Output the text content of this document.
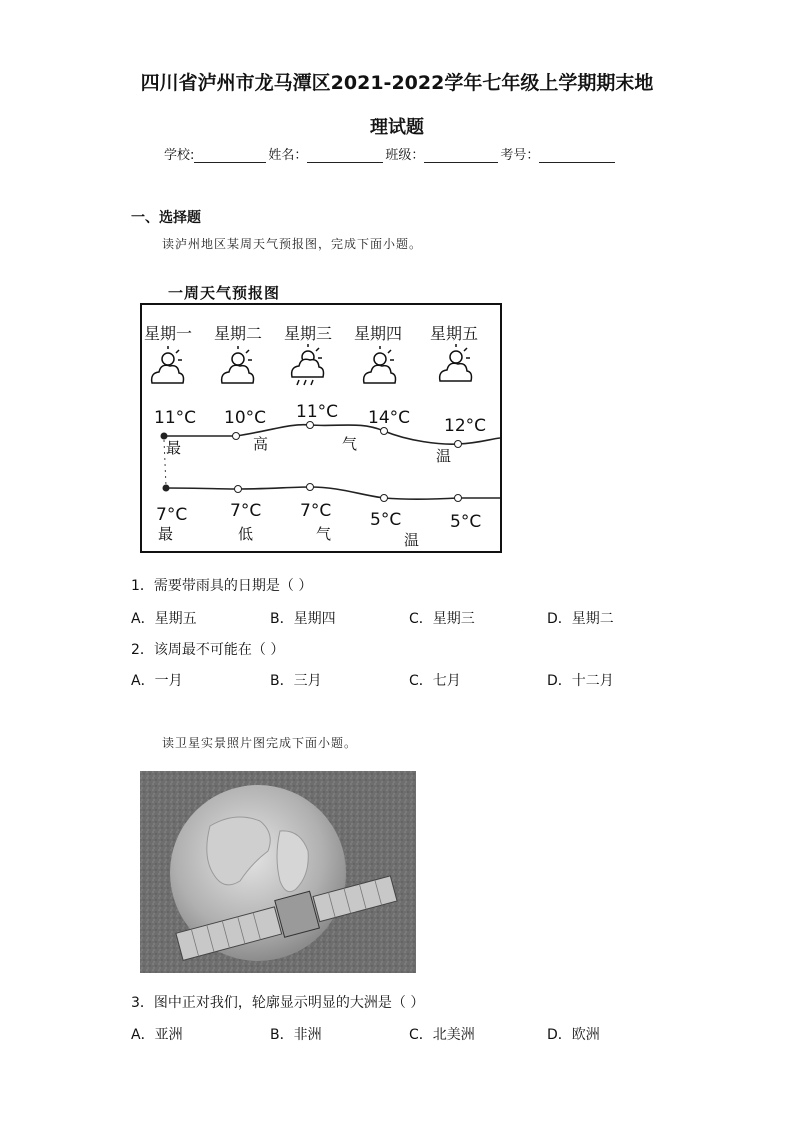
四川省泸州市龙马潭区2021-2022学年七年级上学期期末地
理试题
学校:	姓名：	班级：	考号：
一、选择题
读泸州地区某周天气预报图，完成下面小题。
一周天气预报图
星期一 星期二 星期三 星期四 星期五
11°C 10°C 11°C 14°C 12°C
7°C	7°C 7°C 5°C	5°C
最	高	气
温
最	低	气	温
1．需要带雨具的日期是（ ）
A．星期五	B．星期四	C．星期三	D．星期二
2．该周最不可能在（ ）
A．一月	B．三月	C．七月	D．十二月
读卫星实景照片图完成下面小题。
3．图中正对我们，轮廓显示明显的大洲是（ ）
A．亚洲	B．非洲	C．北美洲	D．欧洲
